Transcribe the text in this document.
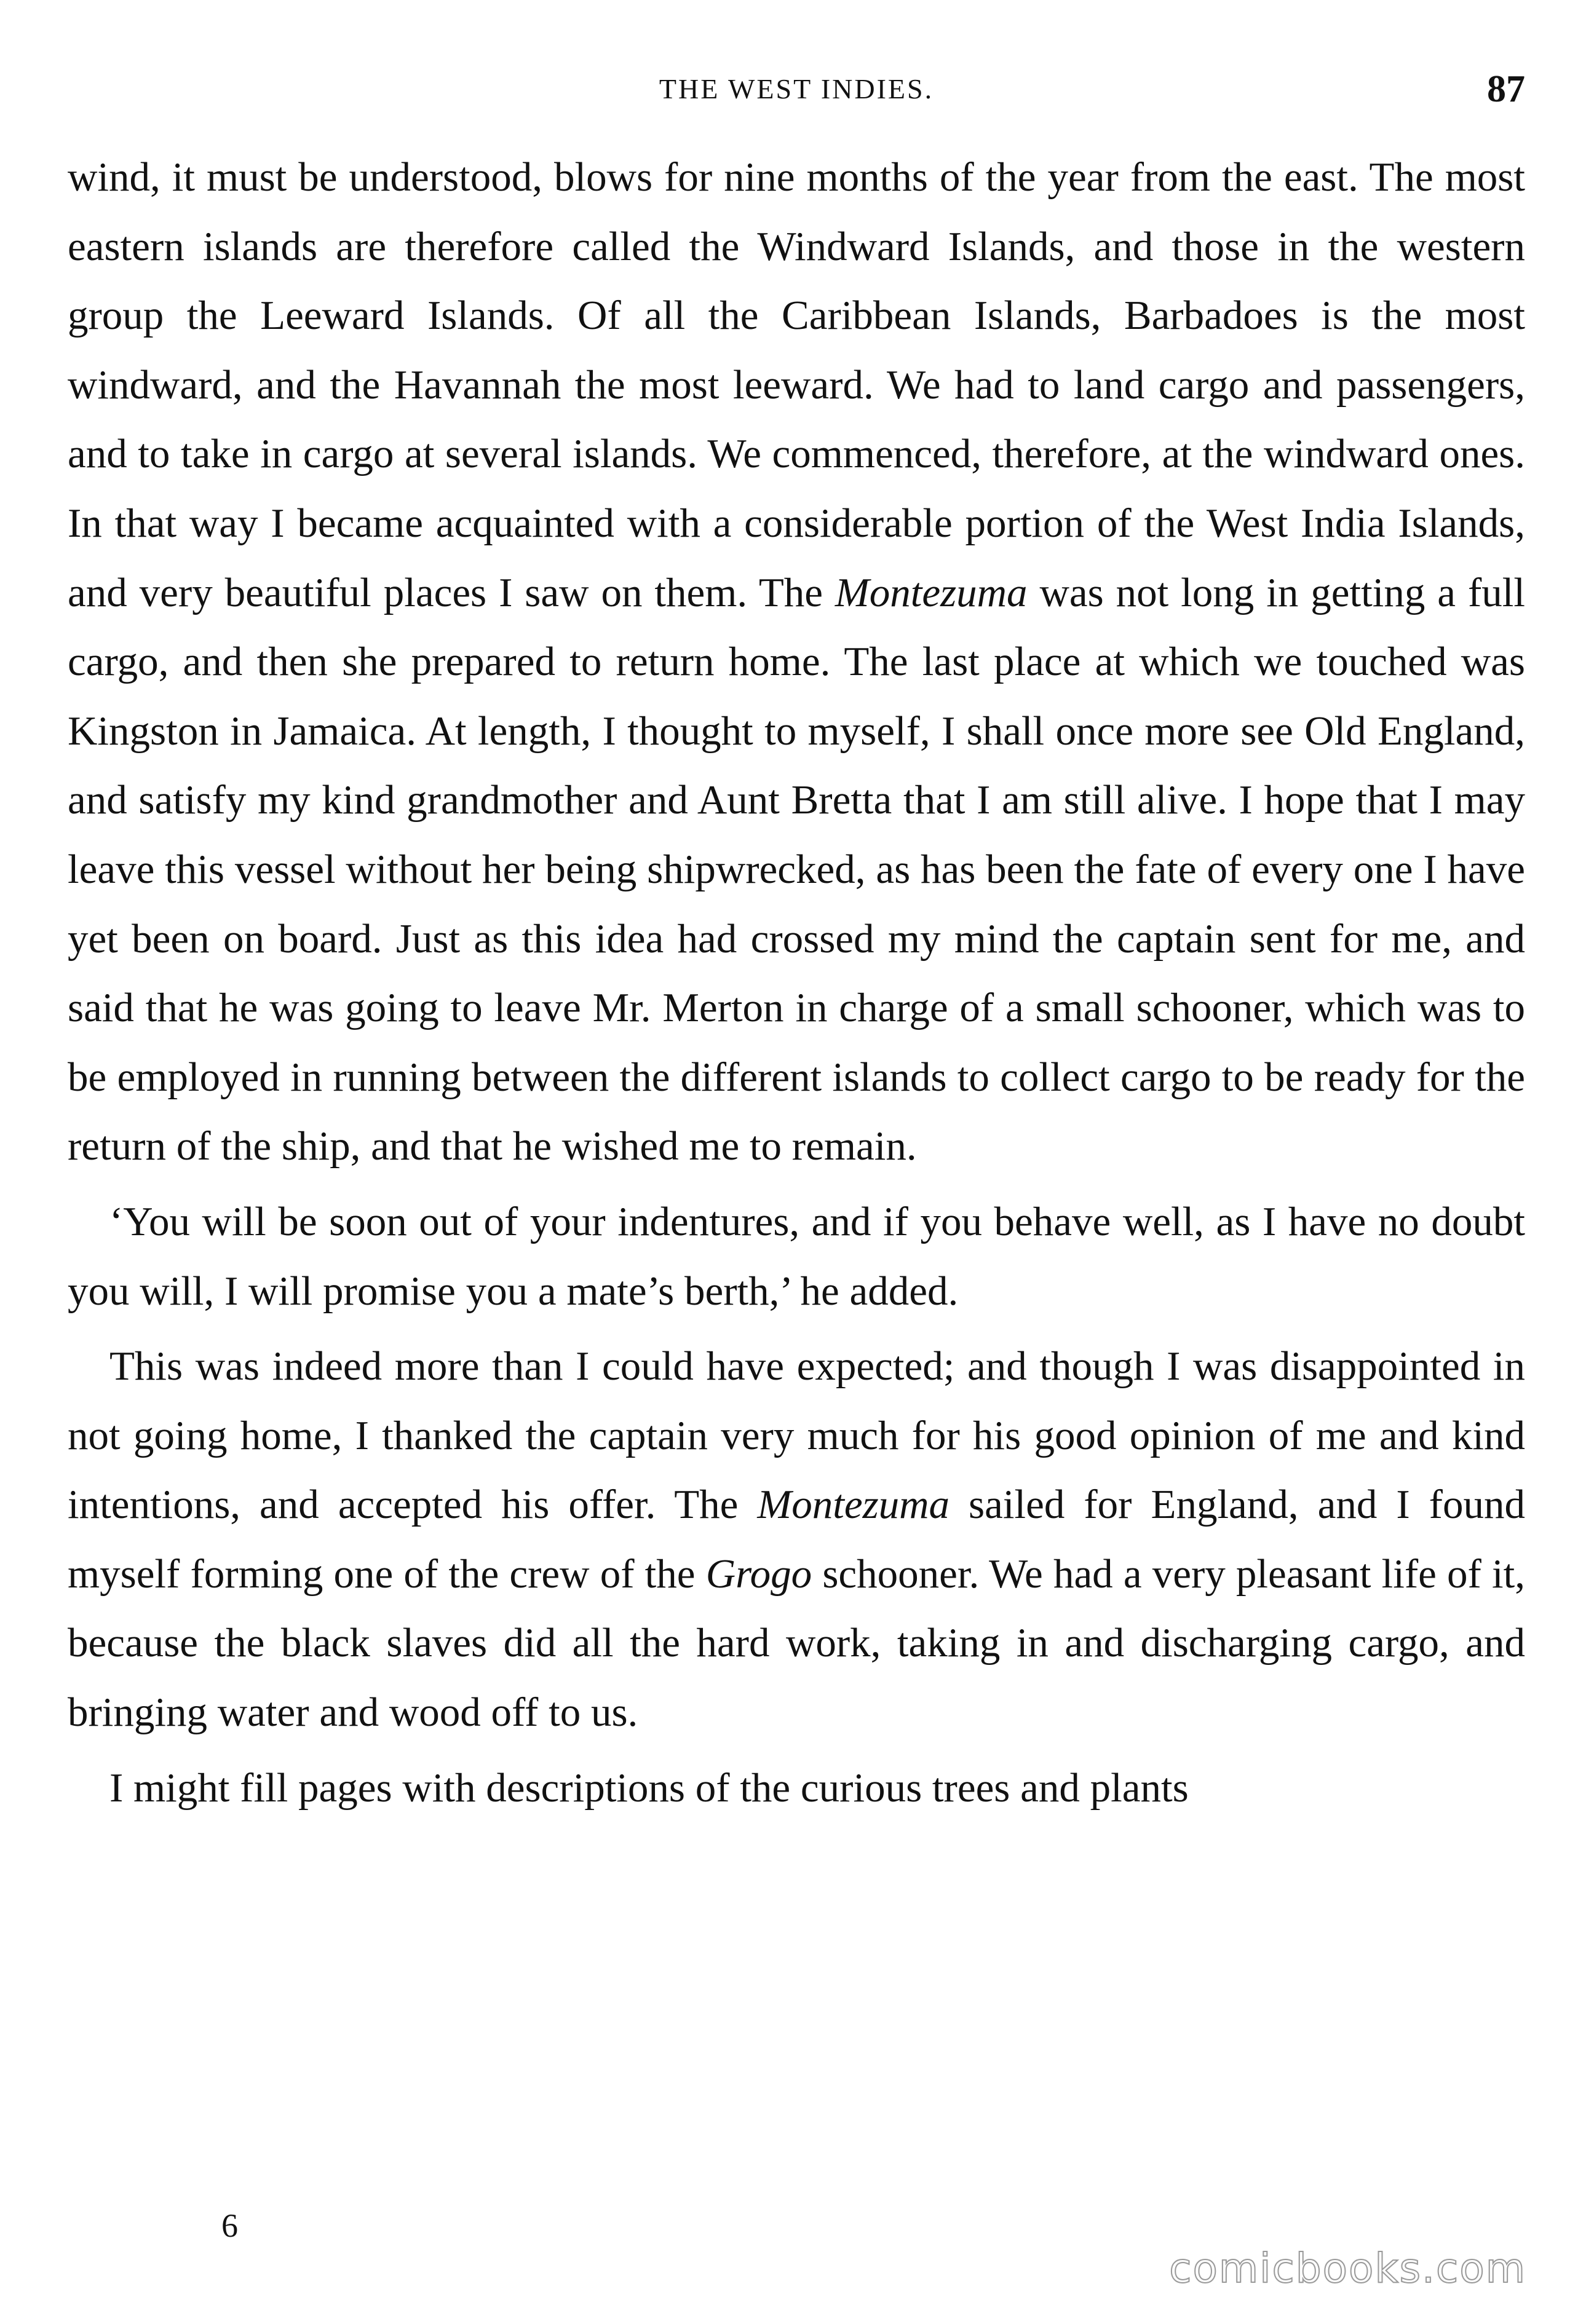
THE WEST INDIES.	87

wind, it must be understood, blows for nine months of the year from the east. The most eastern islands are therefore called the Windward Islands, and those in the western group the Leeward Islands. Of all the Caribbean Islands, Barbadoes is the most windward, and the Havannah the most leeward. We had to land cargo and passengers, and to take in cargo at several islands. We commenced, therefore, at the windward ones. In that way I became acquainted with a considerable portion of the West India Islands, and very beautiful places I saw on them. The Montezuma was not long in getting a full cargo, and then she prepared to return home. The last place at which we touched was Kingston in Jamaica. At length, I thought to myself, I shall once more see Old England, and satisfy my kind grandmother and Aunt Bretta that I am still alive. I hope that I may leave this vessel without her being shipwrecked, as has been the fate of every one I have yet been on board. Just as this idea had crossed my mind the captain sent for me, and said that he was going to leave Mr. Merton in charge of a small schooner, which was to be employed in running between the different islands to collect cargo to be ready for the return of the ship, and that he wished me to remain.

‘You will be soon out of your indentures, and if you behave well, as I have no doubt you will, I will promise you a mate’s berth,’ he added.

This was indeed more than I could have expected; and though I was disappointed in not going home, I thanked the captain very much for his good opinion of me and kind intentions, and accepted his offer. The Montezuma sailed for England, and I found myself forming one of the crew of the Grogo schooner. We had a very pleasant life of it, because the black slaves did all the hard work, taking in and discharging cargo, and bringing water and wood off to us.

I might fill pages with descriptions of the curious trees and plants

6
comicbooks.com
